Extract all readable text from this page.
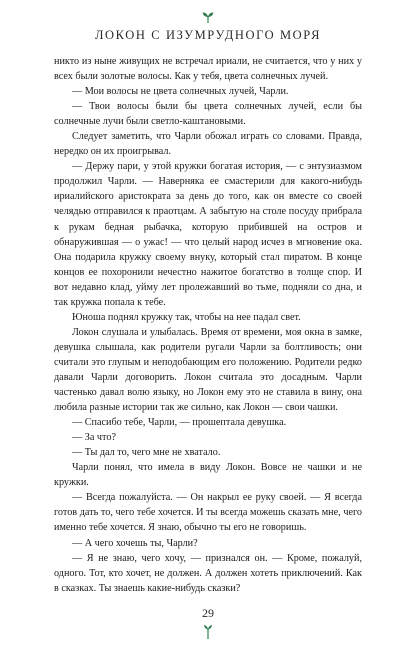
ЛОКОН С ИЗУМРУДНОГО МОРЯ

никто из ныне живущих не встречал ириали, не считается, что у них у всех были золотые волосы. Как у тебя, цвета солнечных лучей.

— Мои волосы не цвета солнечных лучей, Чарли.

— Твои волосы были бы цвета солнечных лучей, если бы солнечные лучи были светло-каштановыми.

Следует заметить, что Чарли обожал играть со словами. Правда, нередко он их проигрывал.

— Держу пари, у этой кружки богатая история, — с энтузиазмом продолжил Чарли. — Наверняка ее смастерили для какого-нибудь ириалийского аристократа за день до того, как он вместе со своей челядью отправился к праотцам. А забытую на столе посуду прибрала к рукам бедная рыбачка, которую прибившей на остров и обнаружившая — о ужас! — что целый народ исчез в мгновение ока. Она подарила кружку своему внуку, который стал пиратом. В конце концов ее похоронили нечестно нажитое богатство в толще спор. И вот недавно клад, уйму лет пролежавший во тьме, подняли со дна, и так кружка попала к тебе.

Юноша поднял кружку так, чтобы на нее падал свет.

Локон слушала и улыбалась. Время от времени, моя окна в замке, девушка слышала, как родители ругали Чарли за болтливость; они считали это глупым и неподобающим его положению. Родители редко давали Чарли договорить. Локон считала это досадным. Чарли частенько давал волю языку, но Локон ему это не ставила в вину, она любила разные истории так же сильно, как Локон — свои чашки.

— Спасибо тебе, Чарли, — прошептала девушка.

— За что?

— Ты дал то, чего мне не хватало.

Чарли понял, что имела в виду Локон. Вовсе не чашки и не кружки.

— Всегда пожалуйста. — Он накрыл ее руку своей. — Я всегда готов дать то, чего тебе хочется. И ты всегда можешь сказать мне, чего именно тебе хочется. Я знаю, обычно ты его не говоришь.

— А чего хочешь ты, Чарли?

— Я не знаю, чего хочу, — признался он. — Кроме, пожалуй, одного. Тот, кто хочет, не должен. А должен хотеть приключений. Как в сказках. Ты знаешь какие-нибудь сказки?

29
